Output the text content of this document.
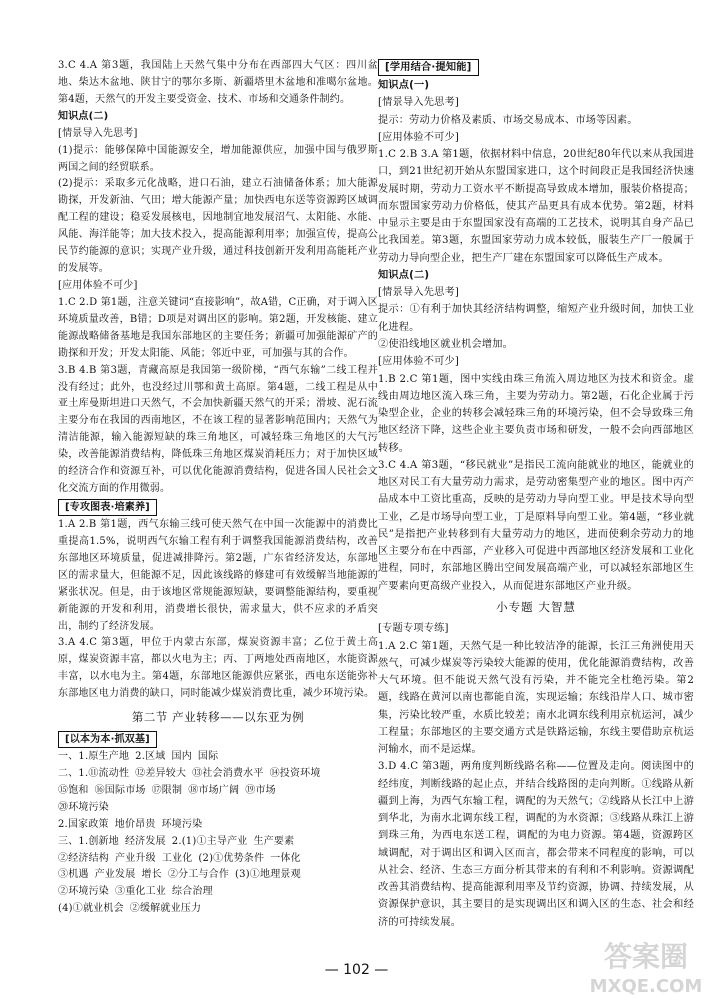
3.C 4.A 第3题，我国陆上天然气集中分布在西部四大气区：四川盆地、柴达木盆地、陕甘宁的鄂尔多斯、新疆塔里木盆地和准噶尔盆地。第4题，天然气的开发主要受资金、技术、市场和交通条件制约。

知识点(二)

[情景导入先思考]

(1)提示：能够保障中国能源安全，增加能源供应，加强中国与俄罗斯两国之间的经贸联系。

(2)提示：采取多元化战略，进口石油，建立石油储备体系；加大能源勘探，开发新油、气田；增大能源产量；加快西电东送等资源跨区域调配工程的建设；稳妥发展核电，因地制宜地发展沼气、太阳能、水能、风能、海洋能等；加大技术投入，提高能源利用率；加强宣传，提高公民节约能源的意识；实现产业升级，通过科技创新开发利用高能耗产业的发展等。

[应用体验不可少]

1.C 2.D 第1题，注意关键词“直接影响”，故A错，C正确，对于调入区环境质量改善，B错；D项是对调出区的影响。第2题，开发核能、建立能源战略储备基地是我国东部地区的主要任务；新疆可加强能源矿产的勘探和开发；开发太阳能、风能；邻近中亚，可加强与其的合作。

3.B 4.B 第3题，青藏高原是我国第一级阶梯，“西气东输”二线工程并没有经过；此外，也没经过川鄂和黄土高原。第4题，二线工程是从中亚土库曼斯坦进口天然气，不会加快新疆天然气的开采；滑坡、泥石流主要分布在我国的西南地区，不在该工程的显著影响范围内；天然气为清洁能源，输入能源短缺的珠三角地区，可减轻珠三角地区的大气污染，改善能源消费结构，降低珠三角地区煤炭消耗压力；对于加快区域的经济合作和资源互补，可以优化能源消费结构，促进各国人民社会文化交流方面的作用微弱。

[专攻图表·培素养]

1.A 2.B 第1题，西气东输三线可使天然气在中国一次能源中的消费比重提高1.5%，说明西气东输工程有利于调整我国能源消费结构，改善东部地区环境质量，促进减排降污。第2题，广东省经济发达，东部地区的需求量大，但能源不足，因此该线路的修建可有效缓解当地能源的紧张状况。但是，由于该地区常规能源短缺，要调整能源结构，要重视新能源的开发和利用，消费增长很快，需求量大，供不应求的矛盾突出，制约了经济发展。

3.A 4.C 第3题，甲位于内蒙古东部，煤炭资源丰富；乙位于黄土高原，煤炭资源丰富，都以火电为主；丙、丁两地处西南地区，水能资源丰富，以水电为主。第4题，东部地区能源供应紧张，西电东送能弥补东部地区电力消费的缺口，同时能减少煤炭消费比重，减少环境污染。

第二节 产业转移——以东亚为例

[以本为本·抓双基]
一、1.原生产地 2.区域 国内 国际
二、1.⑪流动性 ⑫差异较大 ⑬社会消费水平 ⑭投资环境
⑮饱和 ⑯国际市场 ⑰限制 ⑱市场广阔 ⑲市场
⑳环境污染
2.国家政策 地价昂贵 环境污染
三、1.创新地 经济发展 2.(1)①主导产业 生产要素
②经济结构 产业升级 工业化 (2)①优势条件 一体化
③机遇 产业发展 增长 ②分工与合作 (3)①地理景观
②环境污染 ③重化工业 综合治理
(4)①就业机会 ②缓解就业压力
[学用结合·提知能]

知识点(一)

[情景导入先思考]

提示：劳动力价格及素质、市场交易成本、市场等因素。

[应用体验不可少]

1.C 2.B 3.A 第1题，依据材料中信息，20世纪80年代以来从我国进口，到21世纪初开始从东盟国家进口，这个时间段正是我国经济快速发展时期，劳动力工资水平不断提高导致成本增加，服装价格提高；而东盟国家劳动力价格低，使其产品更具有成本优势。第2题，材料中显示主要是由于东盟国家没有高端的工艺技术，说明其自身产品已比我国差。第3题，东盟国家劳动力成本较低，服装生产厂一般属于劳动力导向型企业，把生产厂建在东盟国家可以降低生产成本。

知识点(二)

[情景导入先思考]

提示：①有利于加快其经济结构调整，缩短产业升级时间，加快工业化进程。

②使沿线地区就业机会增加。

[应用体验不可少]

1.B 2.C 第1题，图中实线由珠三角流入周边地区为技术和资金。虚线由周边地区流入珠三角，主要为劳动力。第2题，石化企业属于污染型企业，企业的转移会减轻珠三角的环境污染，但不会导致珠三角地区经济下降，这些企业主要负责市场和研发，一般不会向西部地区转移。

3.C 4.A 第3题，“移民就业”是指民工流向能就业的地区，能就业的地区对民工有大量劳动力需求，是劳动密集型产业的地区。图中丙产品成本中工资比重高，反映的是劳动力导向型工业。甲是技术导向型工业，乙是市场导向型工业，丁是原料导向型工业。第4题，“移业就民”是指把产业转移到有大量劳动力的地区，进而使剩余劳动力的地区主要分布在中西部，产业移入可促进中西部地区经济发展和工业化进程，同时，东部地区腾出空间发展高端产业，可以减轻东部地区生产要素向更高级产业投入，从而促进东部地区产业升级。

小专题 大智慧

[专题专项专练]

1.A 2.C 第1题，天然气是一种比较洁净的能源，长江三角洲使用天然气，可减少煤炭等污染较大能源的使用，优化能源消费结构，改善大气环境。但不能说天然气没有污染，并不能完全杜绝污染。第2题，线路在黄河以南也都能自流，实现运输；东线沿岸人口、城市密集，污染比较严重，水质比较差；南水北调东线利用京杭运河，减少工程量；东部地区的主要交通方式是铁路运输，东线主要借助京杭运河输水，而不是运煤。

3.D 4.C 第3题，两角度判断线路名称——位置及走向。阅读图中的经纬度，判断线路的起止点，并结合线路图的走向判断。①线路从新疆到上海，为西气东输工程，调配的为天然气；②线路从长江中上游到华北，为南水北调东线工程，调配的为水资源；③线路从珠江上游到珠三角，为西电东送工程，调配的为电力资源。第4题，资源跨区域调配，对于调出区和调入区而言，都会带来不同程度的影响，可以从社会、经济、生态三方面分析其带来的有利和不利影响。资源调配改善其消费结构、提高能源利用率及节约资源，协调、持续发展，从资源保护意识，其主要目的是实现调出区和调入区的生态、社会和经济的可持续发展。

— 102 —	答案圈
MXQE.COM
